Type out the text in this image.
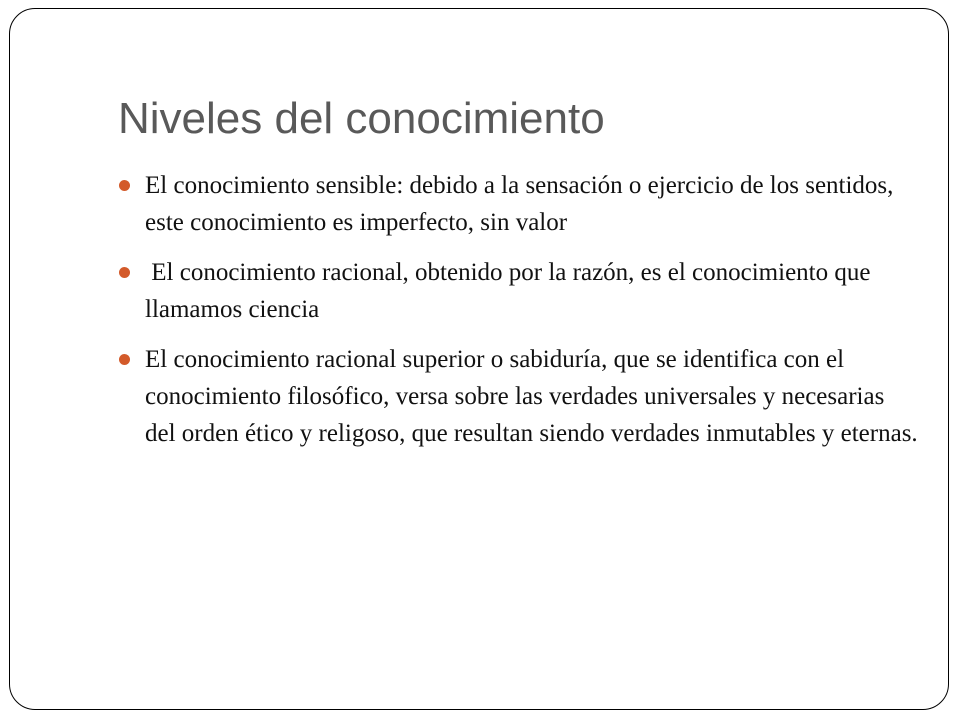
Niveles del conocimiento
El conocimiento sensible: debido a la sensación o ejercicio de los sentidos, este conocimiento es imperfecto, sin valor
El conocimiento racional, obtenido por la razón, es el conocimiento que llamamos ciencia
El conocimiento racional superior o sabiduría, que se identifica con el conocimiento filosófico, versa sobre las verdades universales y necesarias del orden ético y religoso, que resultan siendo verdades inmutables y eternas.
